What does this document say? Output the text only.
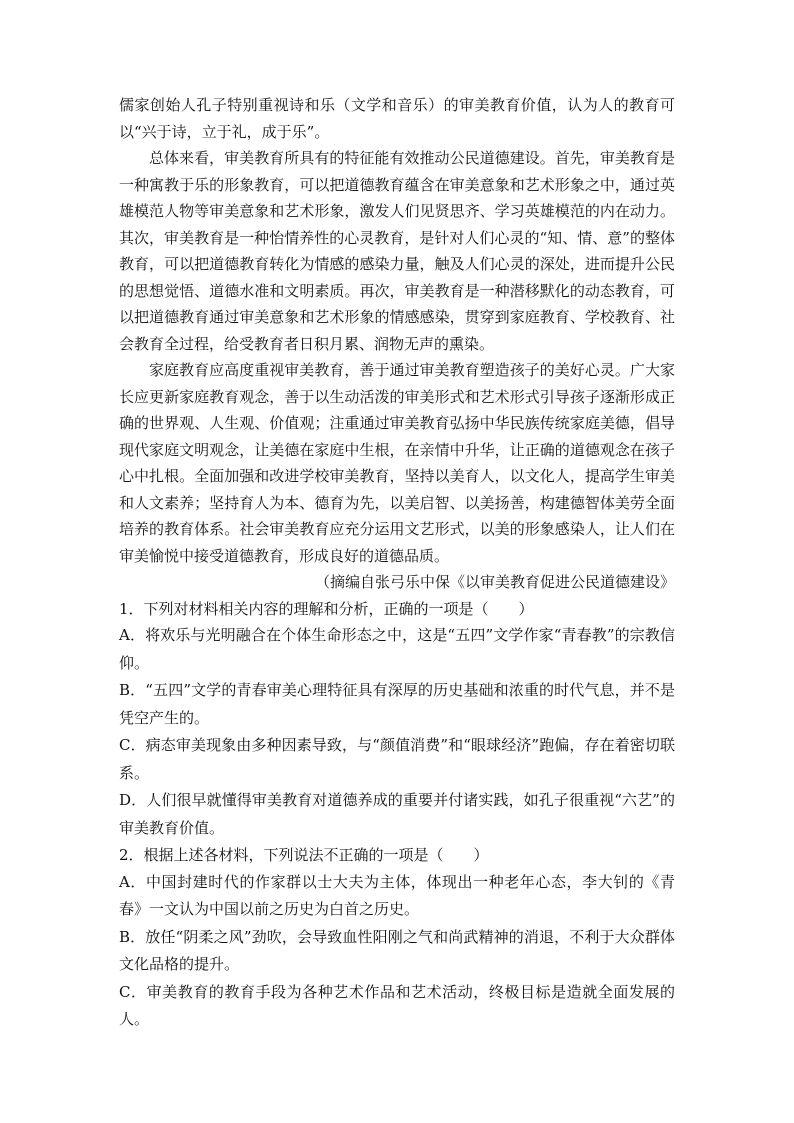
儒家创始人孔子特别重视诗和乐（文学和音乐）的审美教育价值，认为人的教育可以“兴于诗，立于礼，成于乐”。

总体来看，审美教育所具有的特征能有效推动公民道德建设。首先，审美教育是一种寓教于乐的形象教育，可以把道德教育蕴含在审美意象和艺术形象之中，通过英雄模范人物等审美意象和艺术形象，激发人们见贤思齐、学习英雄模范的内在动力。其次，审美教育是一种怡情养性的心灵教育，是针对人们心灵的“知、情、意”的整体教育，可以把道德教育转化为情感的感染力量，触及人们心灵的深处，进而提升公民的思想觉悟、道德水准和文明素质。再次，审美教育是一种潜移默化的动态教育，可以把道德教育通过审美意象和艺术形象的情感感染，贯穿到家庭教育、学校教育、社会教育全过程，给受教育者日积月累、润物无声的熏染。

家庭教育应高度重视审美教育，善于通过审美教育塑造孩子的美好心灵。广大家长应更新家庭教育观念，善于以生动活泼的审美形式和艺术形式引导孩子逐渐形成正确的世界观、人生观、价值观；注重通过审美教育弘扬中华民族传统家庭美德，倡导现代家庭文明观念，让美德在家庭中生根，在亲情中升华，让正确的道德观念在孩子心中扎根。全面加强和改进学校审美教育，坚持以美育人，以文化人，提高学生审美和人文素养；坚持育人为本、德育为先，以美启智、以美扬善，构建德智体美劳全面培养的教育体系。社会审美教育应充分运用文艺形式，以美的形象感染人，让人们在审美愉悦中接受道德教育，形成良好的道德品质。

（摘编自张弓乐中保《以审美教育促进公民道德建设》

1．下列对材料相关内容的理解和分析，正确的一项是（　　）

A．将欢乐与光明融合在个体生命形态之中，这是“五四”文学作家“青春教”的宗教信仰。

B．“五四”文学的青春审美心理特征具有深厚的历史基础和浓重的时代气息，并不是凭空产生的。

C．病态审美现象由多种因素导致，与“颜值消费”和“眼球经济”跑偏，存在着密切联系。

D．人们很早就懂得审美教育对道德养成的重要并付诸实践，如孔子很重视“六艺”的审美教育价值。

2．根据上述各材料，下列说法不正确的一项是（　　）

A．中国封建时代的作家群以士大夫为主体，体现出一种老年心态，李大钊的《青春》一文认为中国以前之历史为白首之历史。

B．放任“阴柔之风”劲吹，会导致血性阳刚之气和尚武精神的消退，不利于大众群体文化品格的提升。

C．审美教育的教育手段为各种艺术作品和艺术活动，终极目标是造就全面发展的人。
